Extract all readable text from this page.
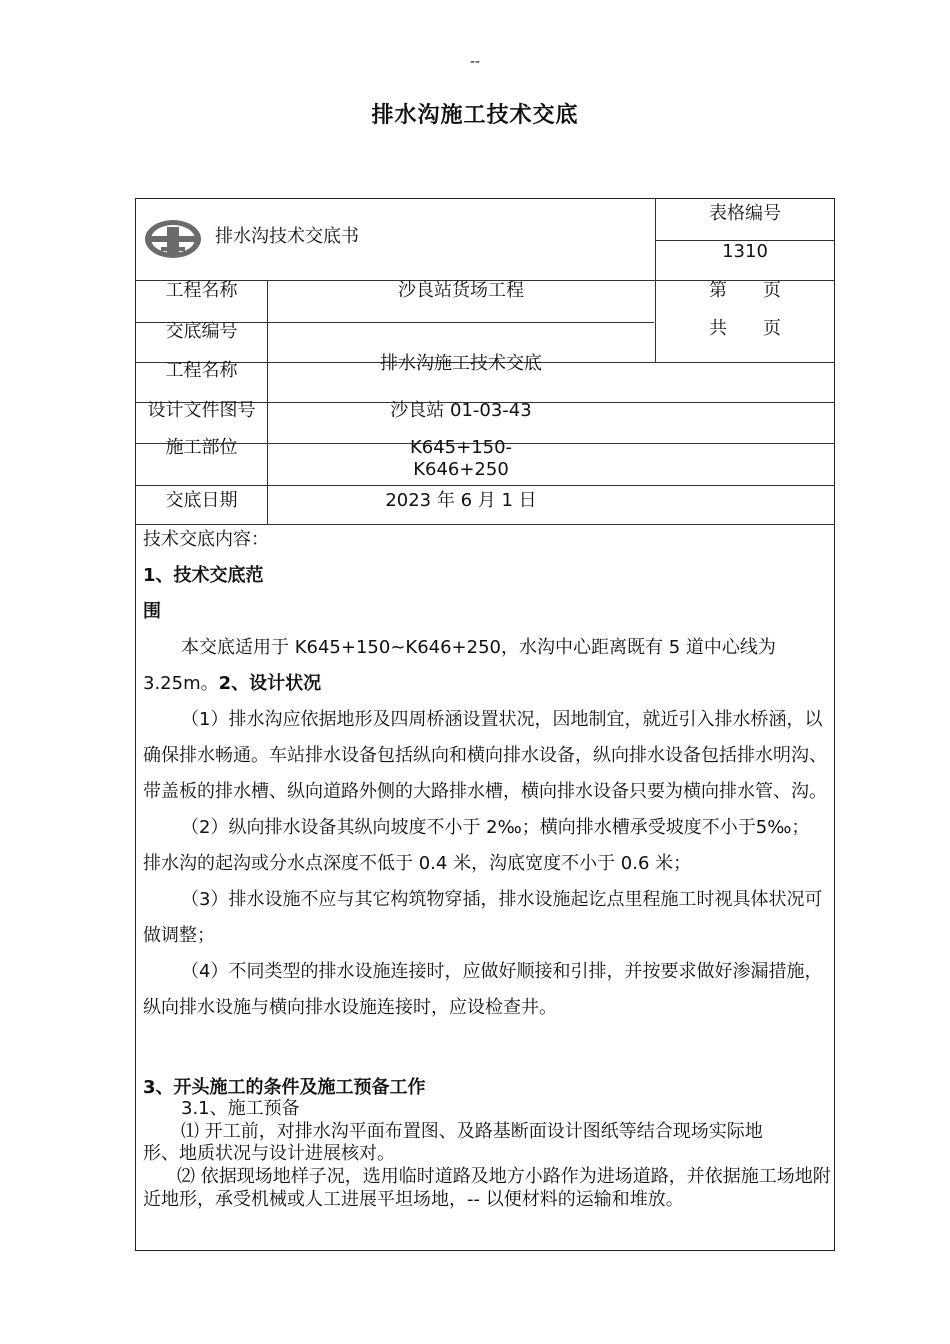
--
排水沟施工技术交底
排水沟技术交底书
表格编号
1310
第　　页
共　　页
工程名称
交底编号
工程名称
设计文件图号
施工部位
交底日期
沙良站货场工程
排水沟施工技术交底
沙良站 01-03-43
K645+150-
K646+250
2023 年 6 月 1 日

技术交底内容：

1、技术交底范

围

本交底适用于 K645+150~K646+250，水沟中心距离既有 5 道中心线为

3.25m。2、设计状况

（1）排水沟应依据地形及四周桥涵设置状况，因地制宜，就近引入排水桥涵，以确保排水畅通。车站排水设备包括纵向和横向排水设备，纵向排水设备包括排水明沟、带盖板的排水槽、纵向道路外侧的大路排水槽，横向排水设备只要为横向排水管、沟。

（2）纵向排水设备其纵向坡度不小于 2‰；横向排水槽承受坡度不小于5‰； 排水沟的起沟或分水点深度不低于 0.4 米，沟底宽度不小于 0.6 米；

（3）排水设施不应与其它构筑物穿插，排水设施起讫点里程施工时视具体状况可做调整；

（4）不同类型的排水设施连接时，应做好顺接和引排，并按要求做好渗漏措施，纵向排水设施与横向排水设施连接时，应设检查井。

3、开头施工的条件及施工预备工作
3.1、施工预备
⑴ 开工前，对排水沟平面布置图、及路基断面设计图纸等结合现场实际地
形、地质状况与设计进展核对。
⑵ 依据现场地样子况，选用临时道路及地方小路作为进场道路，并依据施工场地附
近地形，承受机械或人工进展平坦场地，-- 以便材料的运输和堆放。
